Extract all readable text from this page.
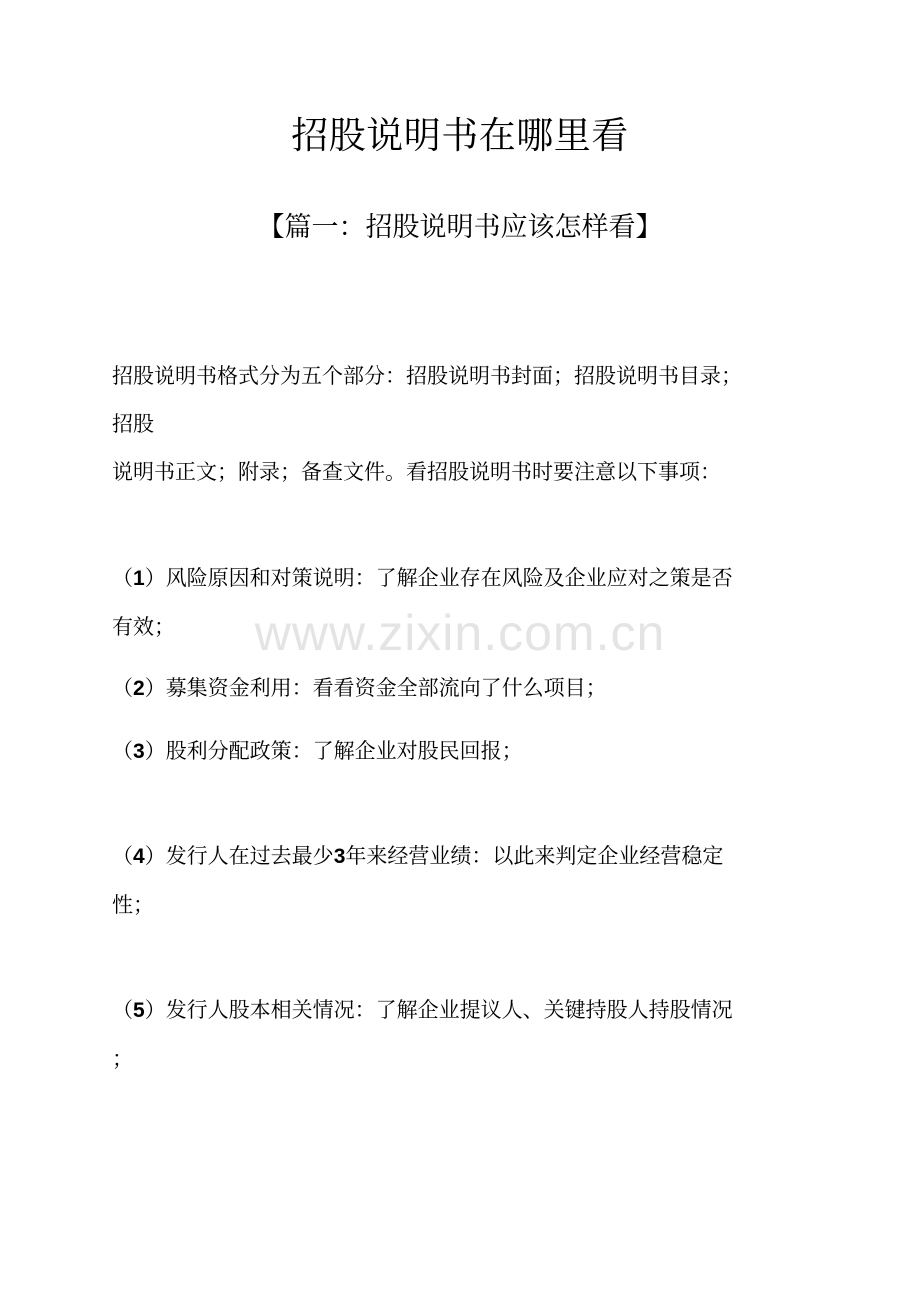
招股说明书在哪里看
【篇一：招股说明书应该怎样看】
招股说明书格式分为五个部分：招股说明书封面；招股说明书目录；
招股
说明书正文；附录；备查文件。看招股说明书时要注意以下事项：
（1）风险原因和对策说明：了解企业存在风险及企业应对之策是否
有效；
（2）募集资金利用：看看资金全部流向了什么项目；
（3）股利分配政策：了解企业对股民回报；
（4）发行人在过去最少3年来经营业绩：以此来判定企业经营稳定
性；
（5）发行人股本相关情况：了解企业提议人、关键持股人持股情况
；
www.zixin.com.cn
